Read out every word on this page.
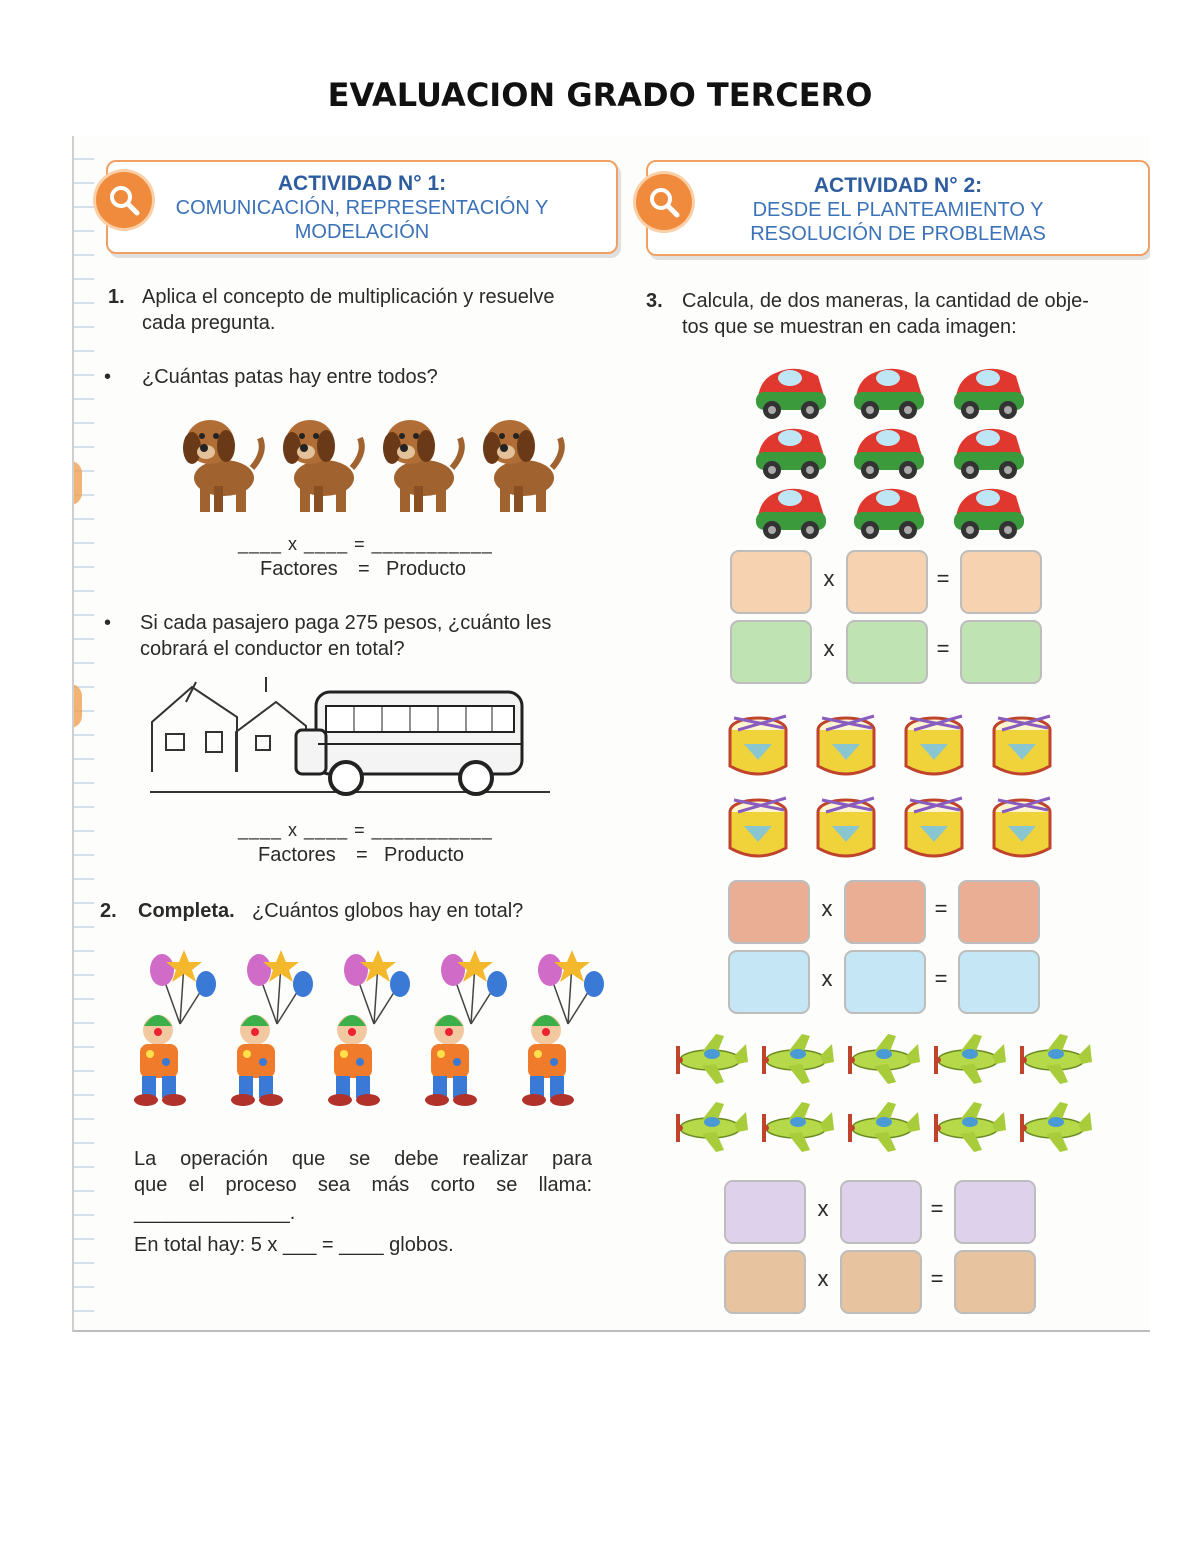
EVALUACION GRADO TERCERO
ACTIVIDAD N° 1:
COMUNICACIÓN, REPRESENTACIÓN Y
MODELACIÓN
ACTIVIDAD N° 2:
DESDE EL PLANTEAMIENTO Y
RESOLUCIÓN DE PROBLEMAS
1. Aplica el concepto de multiplicación y resuelve
cada pregunta.
• ¿Cuántas patas hay entre todos?
____ x ____ = ___________
Factores = Producto
• Si cada pasajero paga 275 pesos, ¿cuánto les
cobrará el conductor en total?
____ x ____ = ___________
Factores = Producto
2. Completa. ¿Cuántos globos hay en total?
La operación que se debe realizar para
que el proceso sea más corto se llama:
______________.
En total hay: 5 x ___ = ____ globos.
3. Calcula, de dos maneras, la cantidad de obje-
tos que se muestran en cada imagen:
x	=
x	=
x	=
x	=
x	=
x	=
